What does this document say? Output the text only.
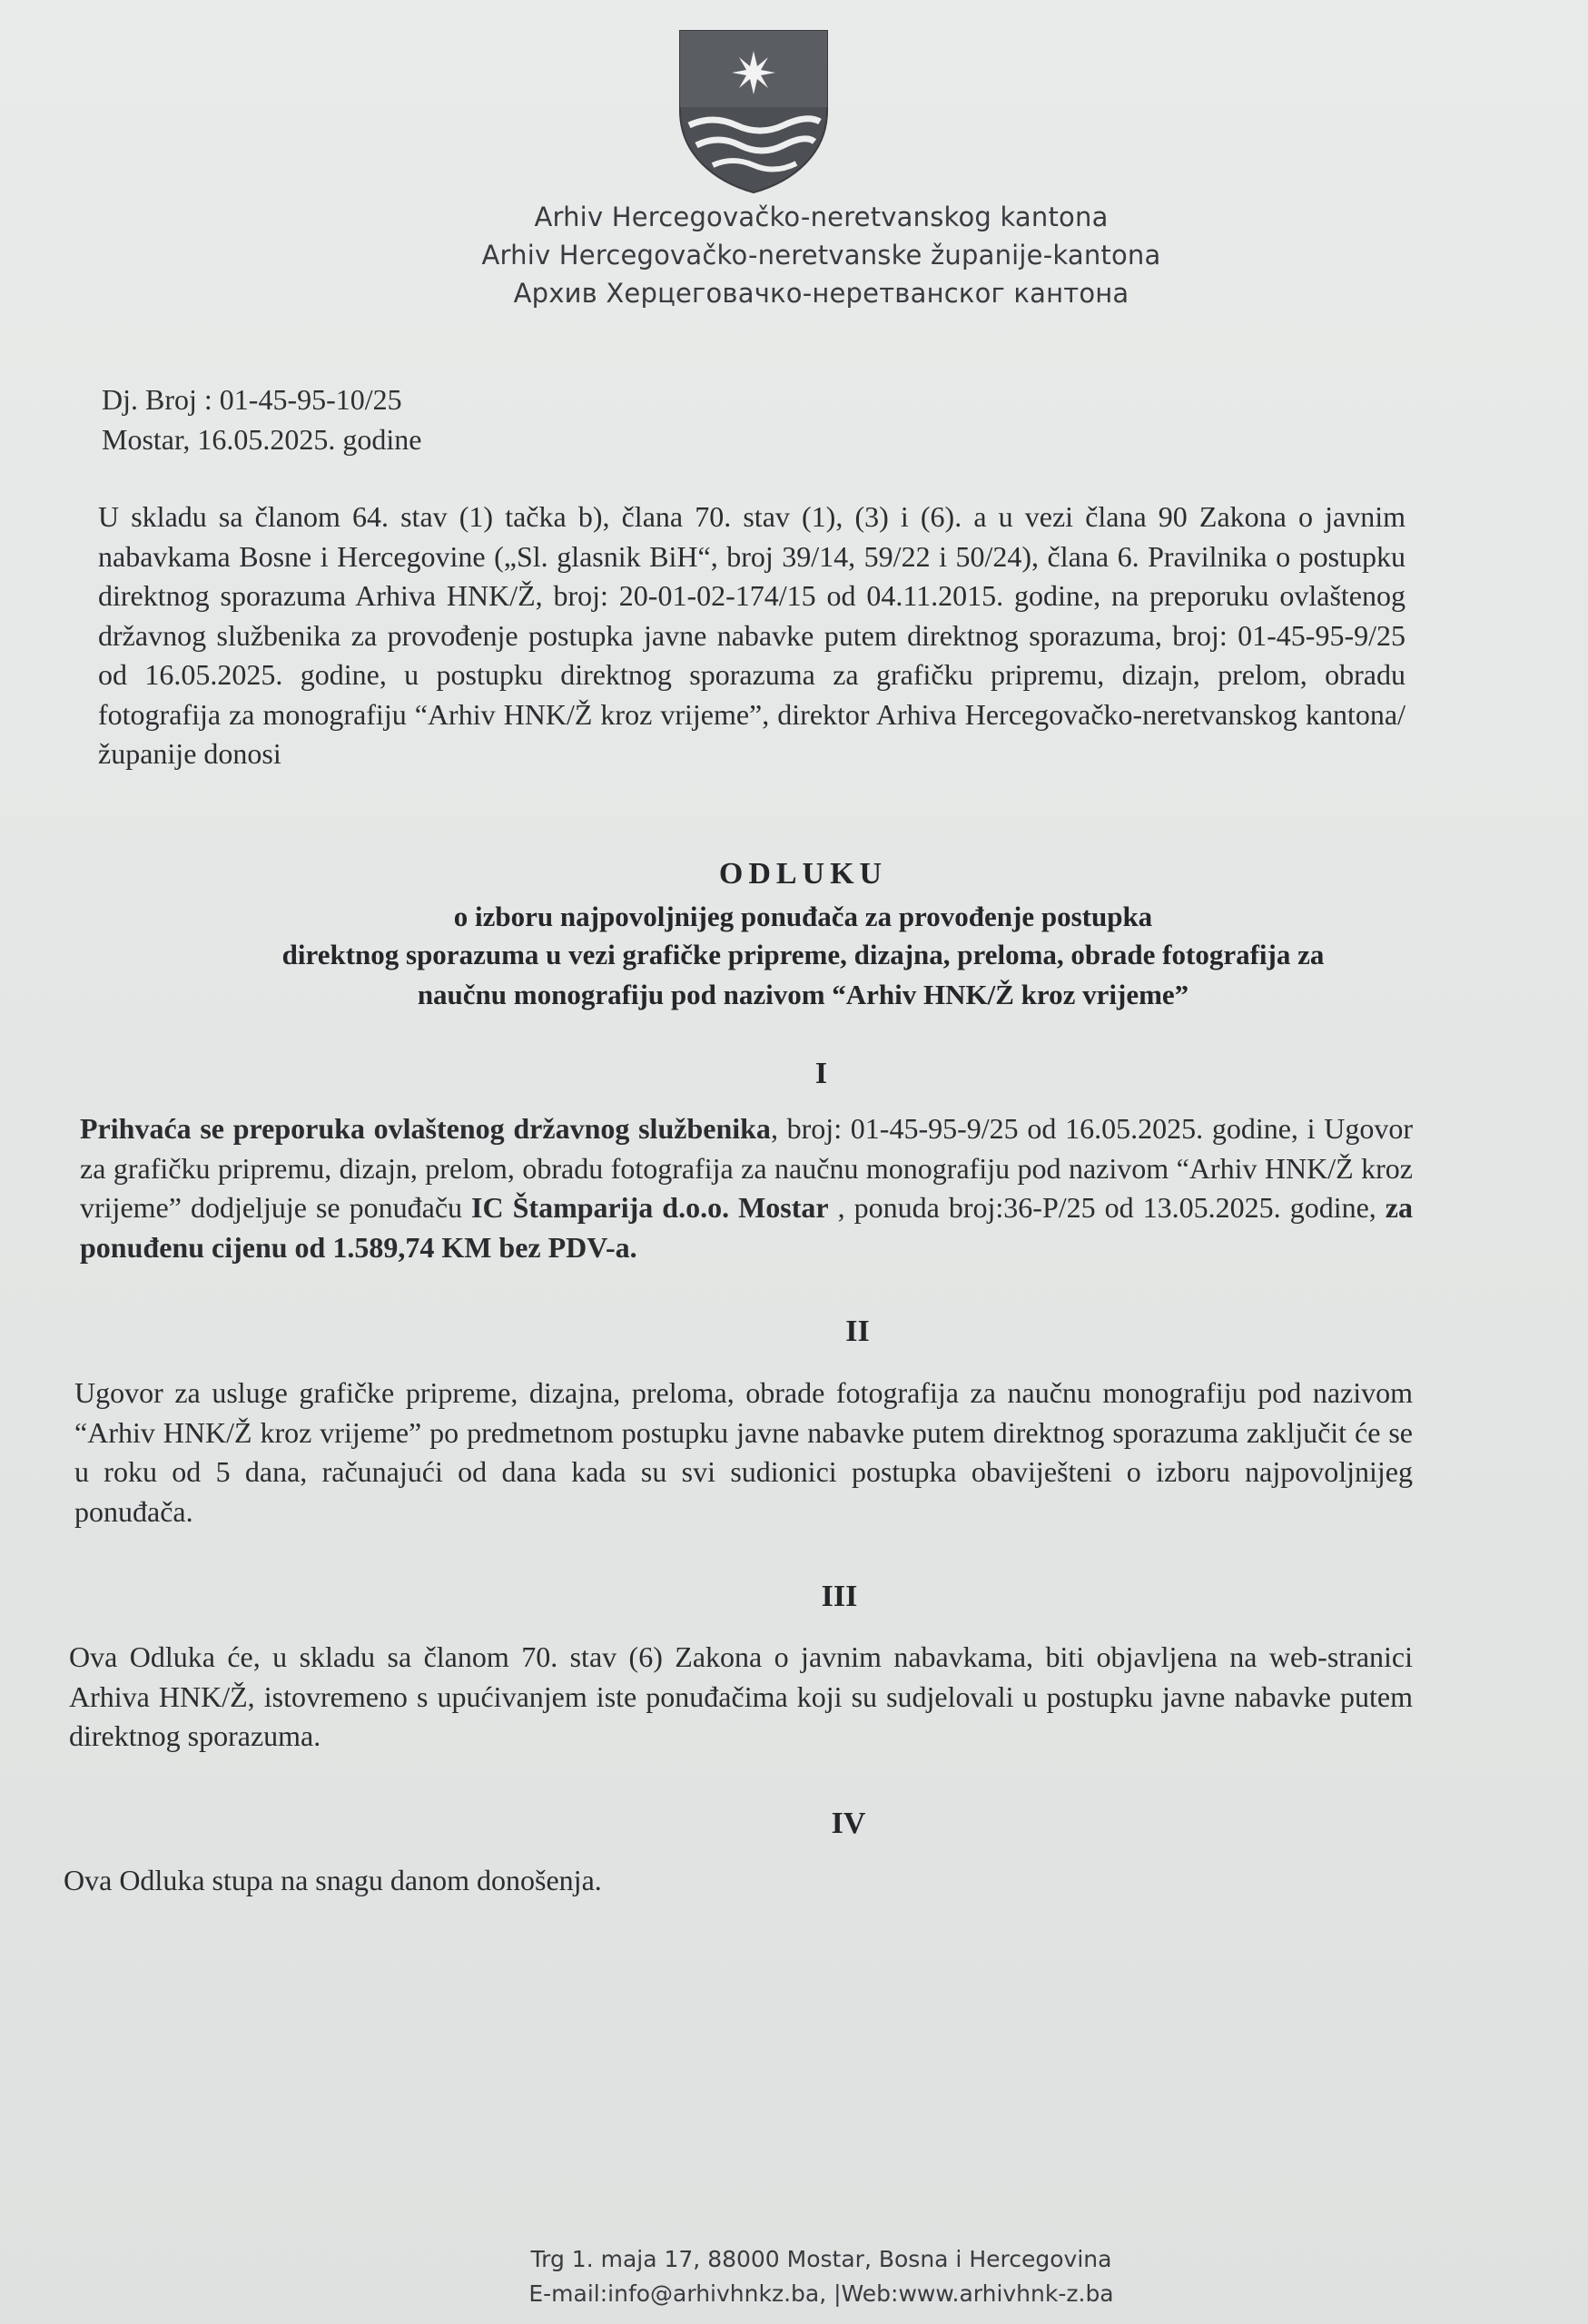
Arhiv Hercegovačko-neretvanskog kantona
Arhiv Hercegovačko-neretvanske županije-kantona
Архив Херцеговачко-неретванског кантона
Dj. Broj : 01-45-95-10/25
Mostar, 16.05.2025. godine
U skladu sa članom 64. stav (1) tačka b), člana 70. stav (1), (3) i (6). a u vezi člana 90 Zakona o javnim nabavkama Bosne i Hercegovine („Sl. glasnik BiH“, broj 39/14, 59/22 i 50/24), člana 6. Pravilnika o postupku direktnog sporazuma Arhiva HNK/Ž, broj: 20-01-02-174/15 od 04.11.2015. godine, na preporuku ovlaštenog državnog službenika za provođenje postupka javne nabavke putem direktnog sporazuma, broj: 01-45-95-9/25 od 16.05.2025. godine, u postupku direktnog sporazuma za grafičku pripremu, dizajn, prelom, obradu fotografija za monografiju “Arhiv HNK/Ž kroz vrijeme”, direktor Arhiva Hercegovačko-neretvanskog kantona/županije donosi
ODLUKU
o izboru najpovoljnijeg ponuđača za provođenje postupka
direktnog sporazuma u vezi grafičke pripreme, dizajna, preloma, obrade fotografija za
naučnu monografiju pod nazivom “Arhiv HNK/Ž kroz vrijeme”
I
Prihvaća se preporuka ovlaštenog državnog službenika, broj: 01-45-95-9/25 od 16.05.2025. godine, i Ugovor za grafičku pripremu, dizajn, prelom, obradu fotografija za naučnu monografiju pod nazivom “Arhiv HNK/Ž kroz vrijeme” dodjeljuje se ponuđaču IC Štamparija d.o.o. Mostar , ponuda broj:36-P/25 od 13.05.2025. godine, za ponuđenu cijenu od 1.589,74 KM bez PDV-a.
II
Ugovor za usluge grafičke pripreme, dizajna, preloma, obrade fotografija za naučnu monografiju pod nazivom “Arhiv HNK/Ž kroz vrijeme” po predmetnom postupku javne nabavke putem direktnog sporazuma zaključit će se u roku od 5 dana, računajući od dana kada su svi sudionici postupka obaviješteni o izboru najpovoljnijeg ponuđača.
III
Ova Odluka će, u skladu sa članom 70. stav (6) Zakona o javnim nabavkama, biti objavljena na web-stranici Arhiva HNK/Ž, istovremeno s upućivanjem iste ponuđačima koji su sudjelovali u postupku javne nabavke putem direktnog sporazuma.
IV
Ova Odluka stupa na snagu danom donošenja.
Trg 1. maja 17, 88000 Mostar, Bosna i Hercegovina
E-mail:info@arhivhnkz.ba, |Web:www.arhivhnk-z.ba
